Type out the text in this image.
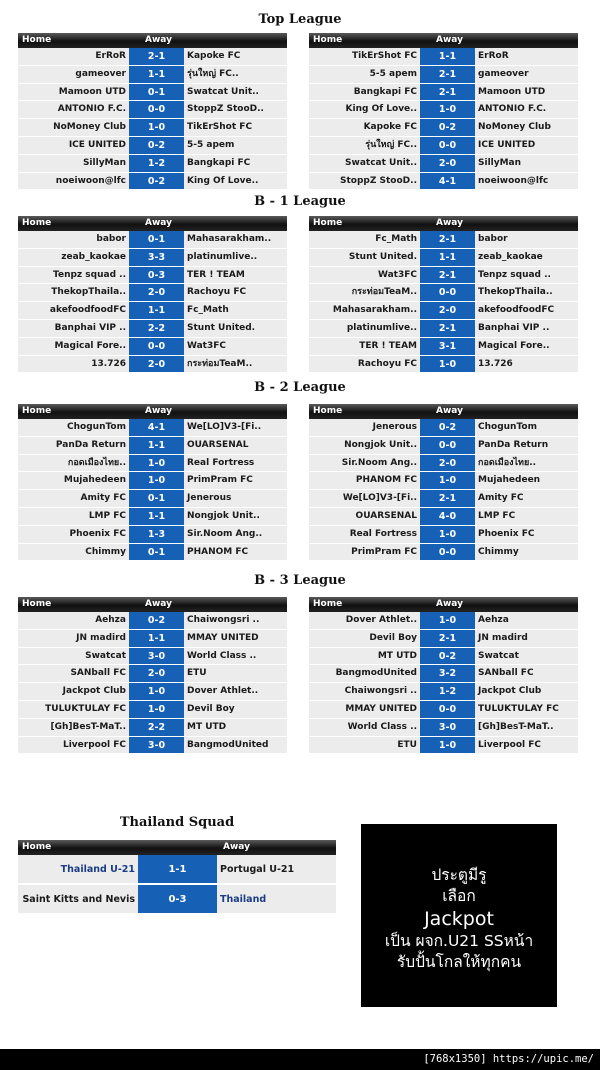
Top League
B - 1 League
B - 2 League
B - 3 League
Home	Away
ErRoR	2-1	Kapoke FC
gameover	1-1	รุ่นใหญ่ FC..
Mamoon UTD	0-1	Swatcat Unit..
ANTONIO F.C.	0-0	StoppZ StooD..
NoMoney Club	1-0	TikErShot FC
ICE UNITED	0-2	5-5 apem
SillyMan	1-2	Bangkapi FC
noeiwoon@lfc	0-2	King Of Love..
Home	Away
TikErShot FC	1-1	ErRoR
5-5 apem	2-1	gameover
Bangkapi FC	2-1	Mamoon UTD
King Of Love..	1-0	ANTONIO F.C.
Kapoke FC	0-2	NoMoney Club
รุ่นใหญ่ FC..	0-0	ICE UNITED
Swatcat Unit..	2-0	SillyMan
StoppZ StooD..	4-1	noeiwoon@lfc
Home	Away
babor	0-1	Mahasarakham..
zeab_kaokae	3-3	platinumlive..
Tenpz squad ..	0-3	TER ! TEAM
ThekopThaila..	2-0	Rachoyu FC
akefoodfoodFC	1-1	Fc_Math
Banphai VIP ..	2-2	Stunt United.
Magical Fore..	0-0	Wat3FC
13.726	2-0	กระท่อมTeaM..
Home	Away
Fc_Math	2-1	babor
Stunt United.	1-1	zeab_kaokae
Wat3FC	2-1	Tenpz squad ..
กระท่อมTeaM..	0-0	ThekopThaila..
Mahasarakham..	2-0	akefoodfoodFC
platinumlive..	2-1	Banphai VIP ..
TER ! TEAM	3-1	Magical Fore..
Rachoyu FC	1-0	13.726
Home	Away
ChogunTom	4-1	We[LO]V3-[Fi..
PanDa Return	1-1	OUARSENAL
กอดเมืองไทย..	1-0	Real Fortress
Mujahedeen	1-0	PrimPram FC
Amity FC	0-1	Jenerous
LMP FC	1-1	Nongjok Unit..
Phoenix FC	1-3	Sir.Noom Ang..
Chimmy	0-1	PHANOM FC
Home	Away
Jenerous	0-2	ChogunTom
Nongjok Unit..	0-0	PanDa Return
Sir.Noom Ang..	2-0	กอดเมืองไทย..
PHANOM FC	1-0	Mujahedeen
We[LO]V3-[Fi..	2-1	Amity FC
OUARSENAL	4-0	LMP FC
Real Fortress	1-0	Phoenix FC
PrimPram FC	0-0	Chimmy
Home	Away
Aehza	0-2	Chaiwongsri ..
JN madird	1-1	MMAY UNITED
Swatcat	3-0	World Class ..
SANball FC	2-0	ETU
Jackpot Club	1-0	Dover Athlet..
TULUKTULAY FC	1-0	Devil Boy
[Gh]BesT-MaT..	2-2	MT UTD
Liverpool FC	3-0	BangmodUnited
Home	Away
Dover Athlet..	1-0	Aehza
Devil Boy	2-1	JN madird
MT UTD	0-2	Swatcat
BangmodUnited	3-2	SANball FC
Chaiwongsri ..	1-2	Jackpot Club
MMAY UNITED	0-0	TULUKTULAY FC
World Class ..	3-0	[Gh]BesT-MaT..
ETU	1-0	Liverpool FC
Thailand Squad
Home	Away
Thailand U-21	1-1	Portugal U-21
Saint Kitts and Nevis	0-3	Thailand
ประตูมีรู
เลือก
Jackpot
เป็น ผจก.U21 SSหน้า
รับปั้นโกลให้ทุกคน
[768x1350] https://upic.me/
